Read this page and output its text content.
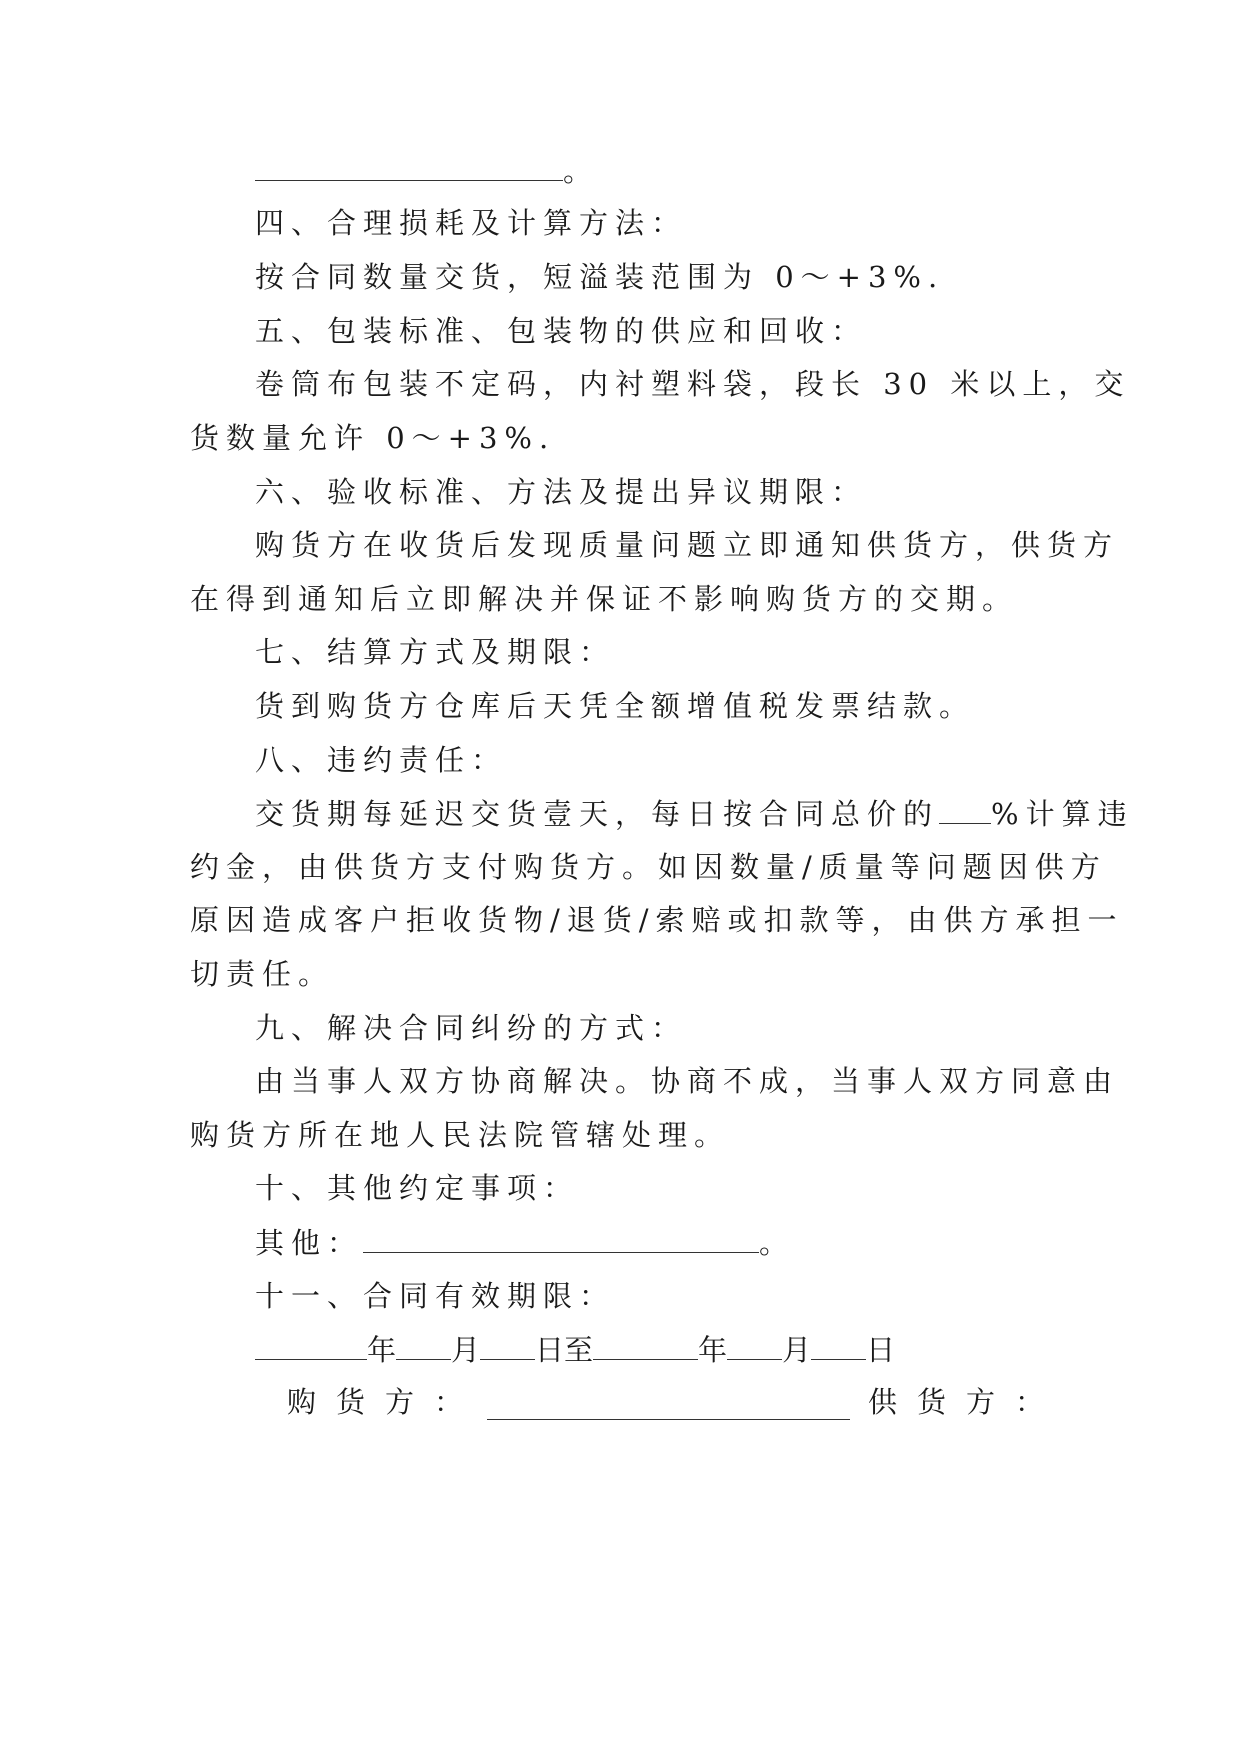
。
四、合理损耗及计算方法：
按合同数量交货，短溢装范围为 0～+3%.
五、包装标准、包装物的供应和回收：
卷筒布包装不定码，内衬塑料袋，段长 30 米以上，交
货数量允许 0～+3%.
六、验收标准、方法及提出异议期限：
购货方在收货后发现质量问题立即通知供货方，供货方
在得到通知后立即解决并保证不影响购货方的交期。
七、结算方式及期限：
货到购货方仓库后天凭全额增值税发票结款。
八、违约责任：
交货期每延迟交货壹天，每日按合同总价的 %计算违
约金，由供货方支付购货方。如因数量/质量等问题因供方
原因造成客户拒收货物/退货/索赔或扣款等，由供方承担一
切责任。
九、解决合同纠纷的方式：
由当事人双方协商解决。协商不成，当事人双方同意由
购货方所在地人民法院管辖处理。
十、其他约定事项：
其他：	。
十一、合同有效期限：
年 月 日至	年 月 日
购货方：	供货方：
